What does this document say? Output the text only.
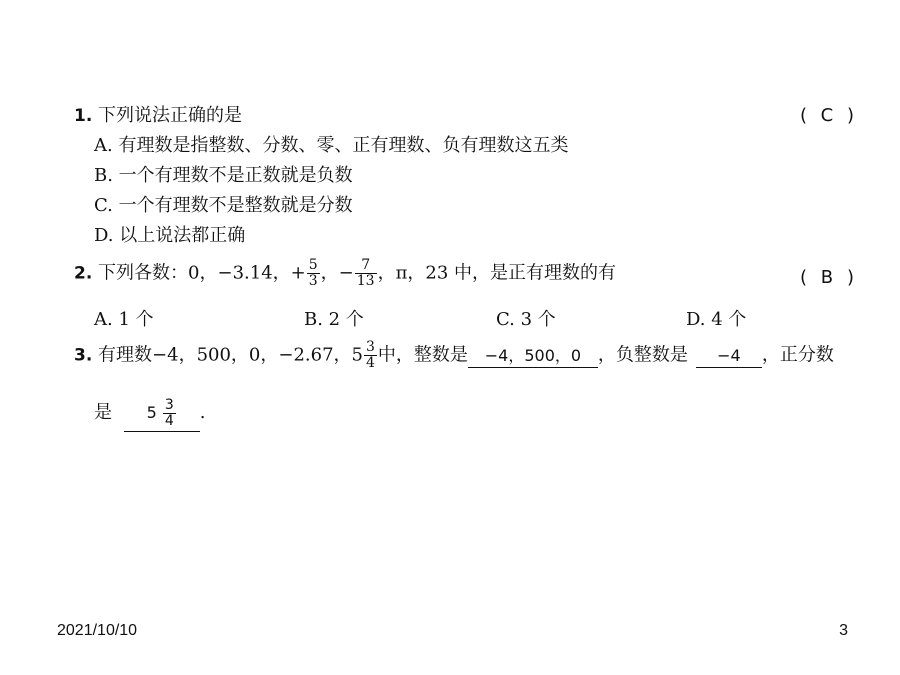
1. 下列说法正确的是	( C )
A. 有理数是指整数、分数、零、正有理数、负有理数这五类
B. 一个有理数不是正数就是负数
C. 一个有理数不是整数就是分数
D. 以上说法都正确
2. 下列各数：0，−3.14，+ $\frac{5}{3}$ ，− $\frac{7}{13}$ ，π，23 中，是正有理数的有	( B )
A. 1 个	B. 2 个	C. 3 个	D. 4 个
3. 有理数−4，500，0，−2.67，$5 \frac{3}{4}$ 中，整数是 −4，500，0 ，负整数是 −4 ，正分数
是 $5 \frac{3}{4}$ .
2021/10/10	3
